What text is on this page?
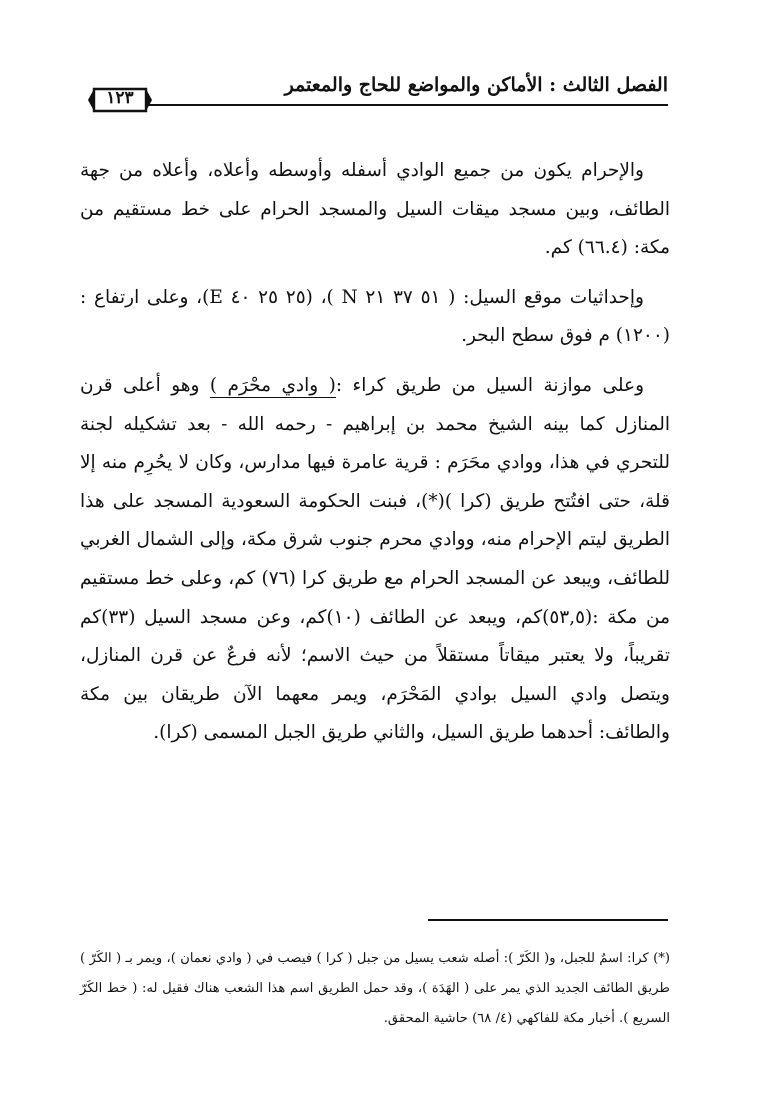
الفصل الثالث : الأماكن والمواضع للحاج والمعتمر
١٢٣

والإحرام يكون من جميع الوادي أسفله وأوسطه وأعلاه، وأعلاه من جهة الطائف، وبين مسجد ميقات السيل والمسجد الحرام على خط مستقيم من مكة: (٦٦.٤) كم.

وإحداثيات موقع السيل: ( ٥١ ٣٧ ٢١ N )، (٢٥ ٢٥ ٤٠ E)، وعلى ارتفاع : (١٢٠٠) م فوق سطح البحر.

وعلى موازنة السيل من طريق كراء :( وادي محْرَم ) وهو أعلى قرن المنازل كما بينه الشيخ محمد بن إبراهيم - رحمه الله - بعد تشكيله لجنة للتحري في هذا، ووادي محَرَم : قرية عامرة فيها مدارس، وكان لا يحُرِم منه إلا قلة، حتى افتُتح طريق (كرا )(*)، فبنت الحكومة السعودية المسجد على هذا الطريق ليتم الإحرام منه، ووادي محرم جنوب شرق مكة، وإلى الشمال الغربي للطائف، ويبعد عن المسجد الحرام مع طريق كرا (٧٦) كم، وعلى خط مستقيم من مكة :(٥٣,٥)كم، ويبعد عن الطائف (١٠)كم، وعن مسجد السيل (٣٣)كم تقريباً، ولا يعتبر ميقاتاً مستقلاً من حيث الاسم؛ لأنه فرعٌ عن قرن المنازل، ويتصل وادي السيل بوادي المَحْرَم، ويمر معهما الآن طريقان بين مكة والطائف: أحدهما طريق السيل، والثاني طريق الجبل المسمى (كرا).

(*) كرا: اسمٌ للجبل، و( الكَرّ ): أصله شعب يسيل من جبل ( كرا ) فيصب في ( وادي نعمان )، ويمر بـ ( الكَرّ ) طريق الطائف الجديد الذي يمر على ( الهَدَة )، وقد حمل الطريق اسم هذا الشعب هناك فقيل له: ( خط الكَرّ السريع ). أخبار مكة للفاكهي (٤/ ٦٨) حاشية المحقق.
